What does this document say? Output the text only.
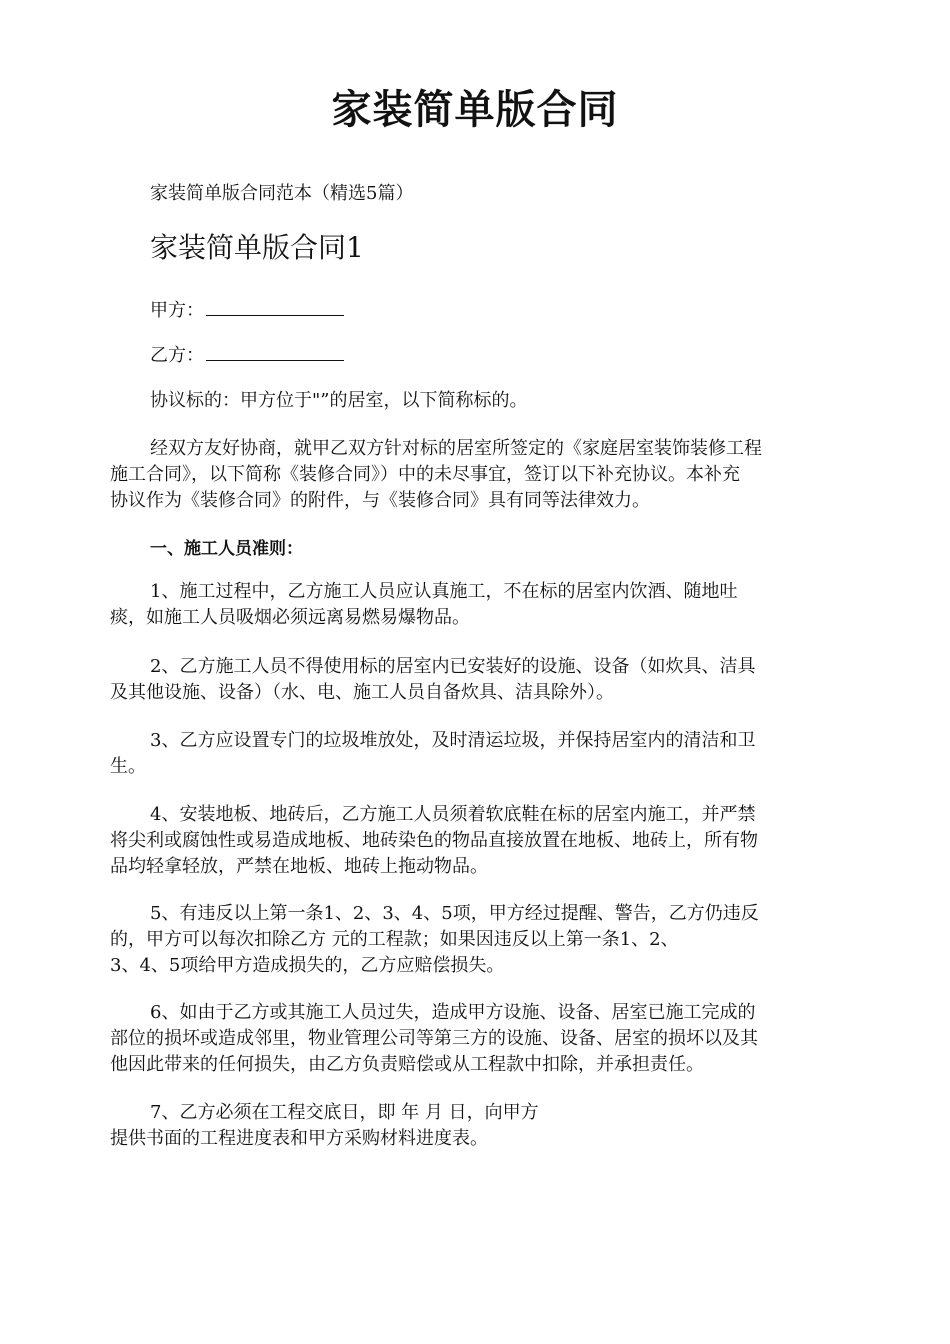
家装简单版合同
家装简单版合同范本（精选5篇）
家装简单版合同1
甲方：
乙方：
协议标的：甲方位于"”的居室，以下简称标的。
经双方友好协商，就甲乙双方针对标的居室所签定的《家庭居室装饰装修工程
施工合同》，以下简称《装修合同》）中的未尽事宜，签订以下补充协议。本补充
协议作为《装修合同》的附件，与《装修合同》具有同等法律效力。
一、施工人员准则：
1、施工过程中，乙方施工人员应认真施工，不在标的居室内饮酒、随地吐
痰，如施工人员吸烟必须远离易燃易爆物品。
2、乙方施工人员不得使用标的居室内已安装好的设施、设备（如炊具、洁具
及其他设施、设备）（水、电、施工人员自备炊具、洁具除外）。
3、乙方应设置专门的垃圾堆放处，及时清运垃圾，并保持居室内的清洁和卫
生。
4、安装地板、地砖后，乙方施工人员须着软底鞋在标的居室内施工，并严禁
将尖利或腐蚀性或易造成地板、地砖染色的物品直接放置在地板、地砖上，所有物
品均轻拿轻放，严禁在地板、地砖上拖动物品。
5、有违反以上第一条1、2、3、4、5项，甲方经过提醒、警告，乙方仍违反
的，甲方可以每次扣除乙方 元的工程款；如果因违反以上第一条1、2、
3、4、5项给甲方造成损失的，乙方应赔偿损失。
6、如由于乙方或其施工人员过失，造成甲方设施、设备、居室已施工完成的
部位的损坏或造成邻里，物业管理公司等第三方的设施、设备、居室的损坏以及其
他因此带来的任何损失，由乙方负责赔偿或从工程款中扣除，并承担责任。
7、乙方必须在工程交底日，即 年 月 日，向甲方
提供书面的工程进度表和甲方采购材料进度表。
